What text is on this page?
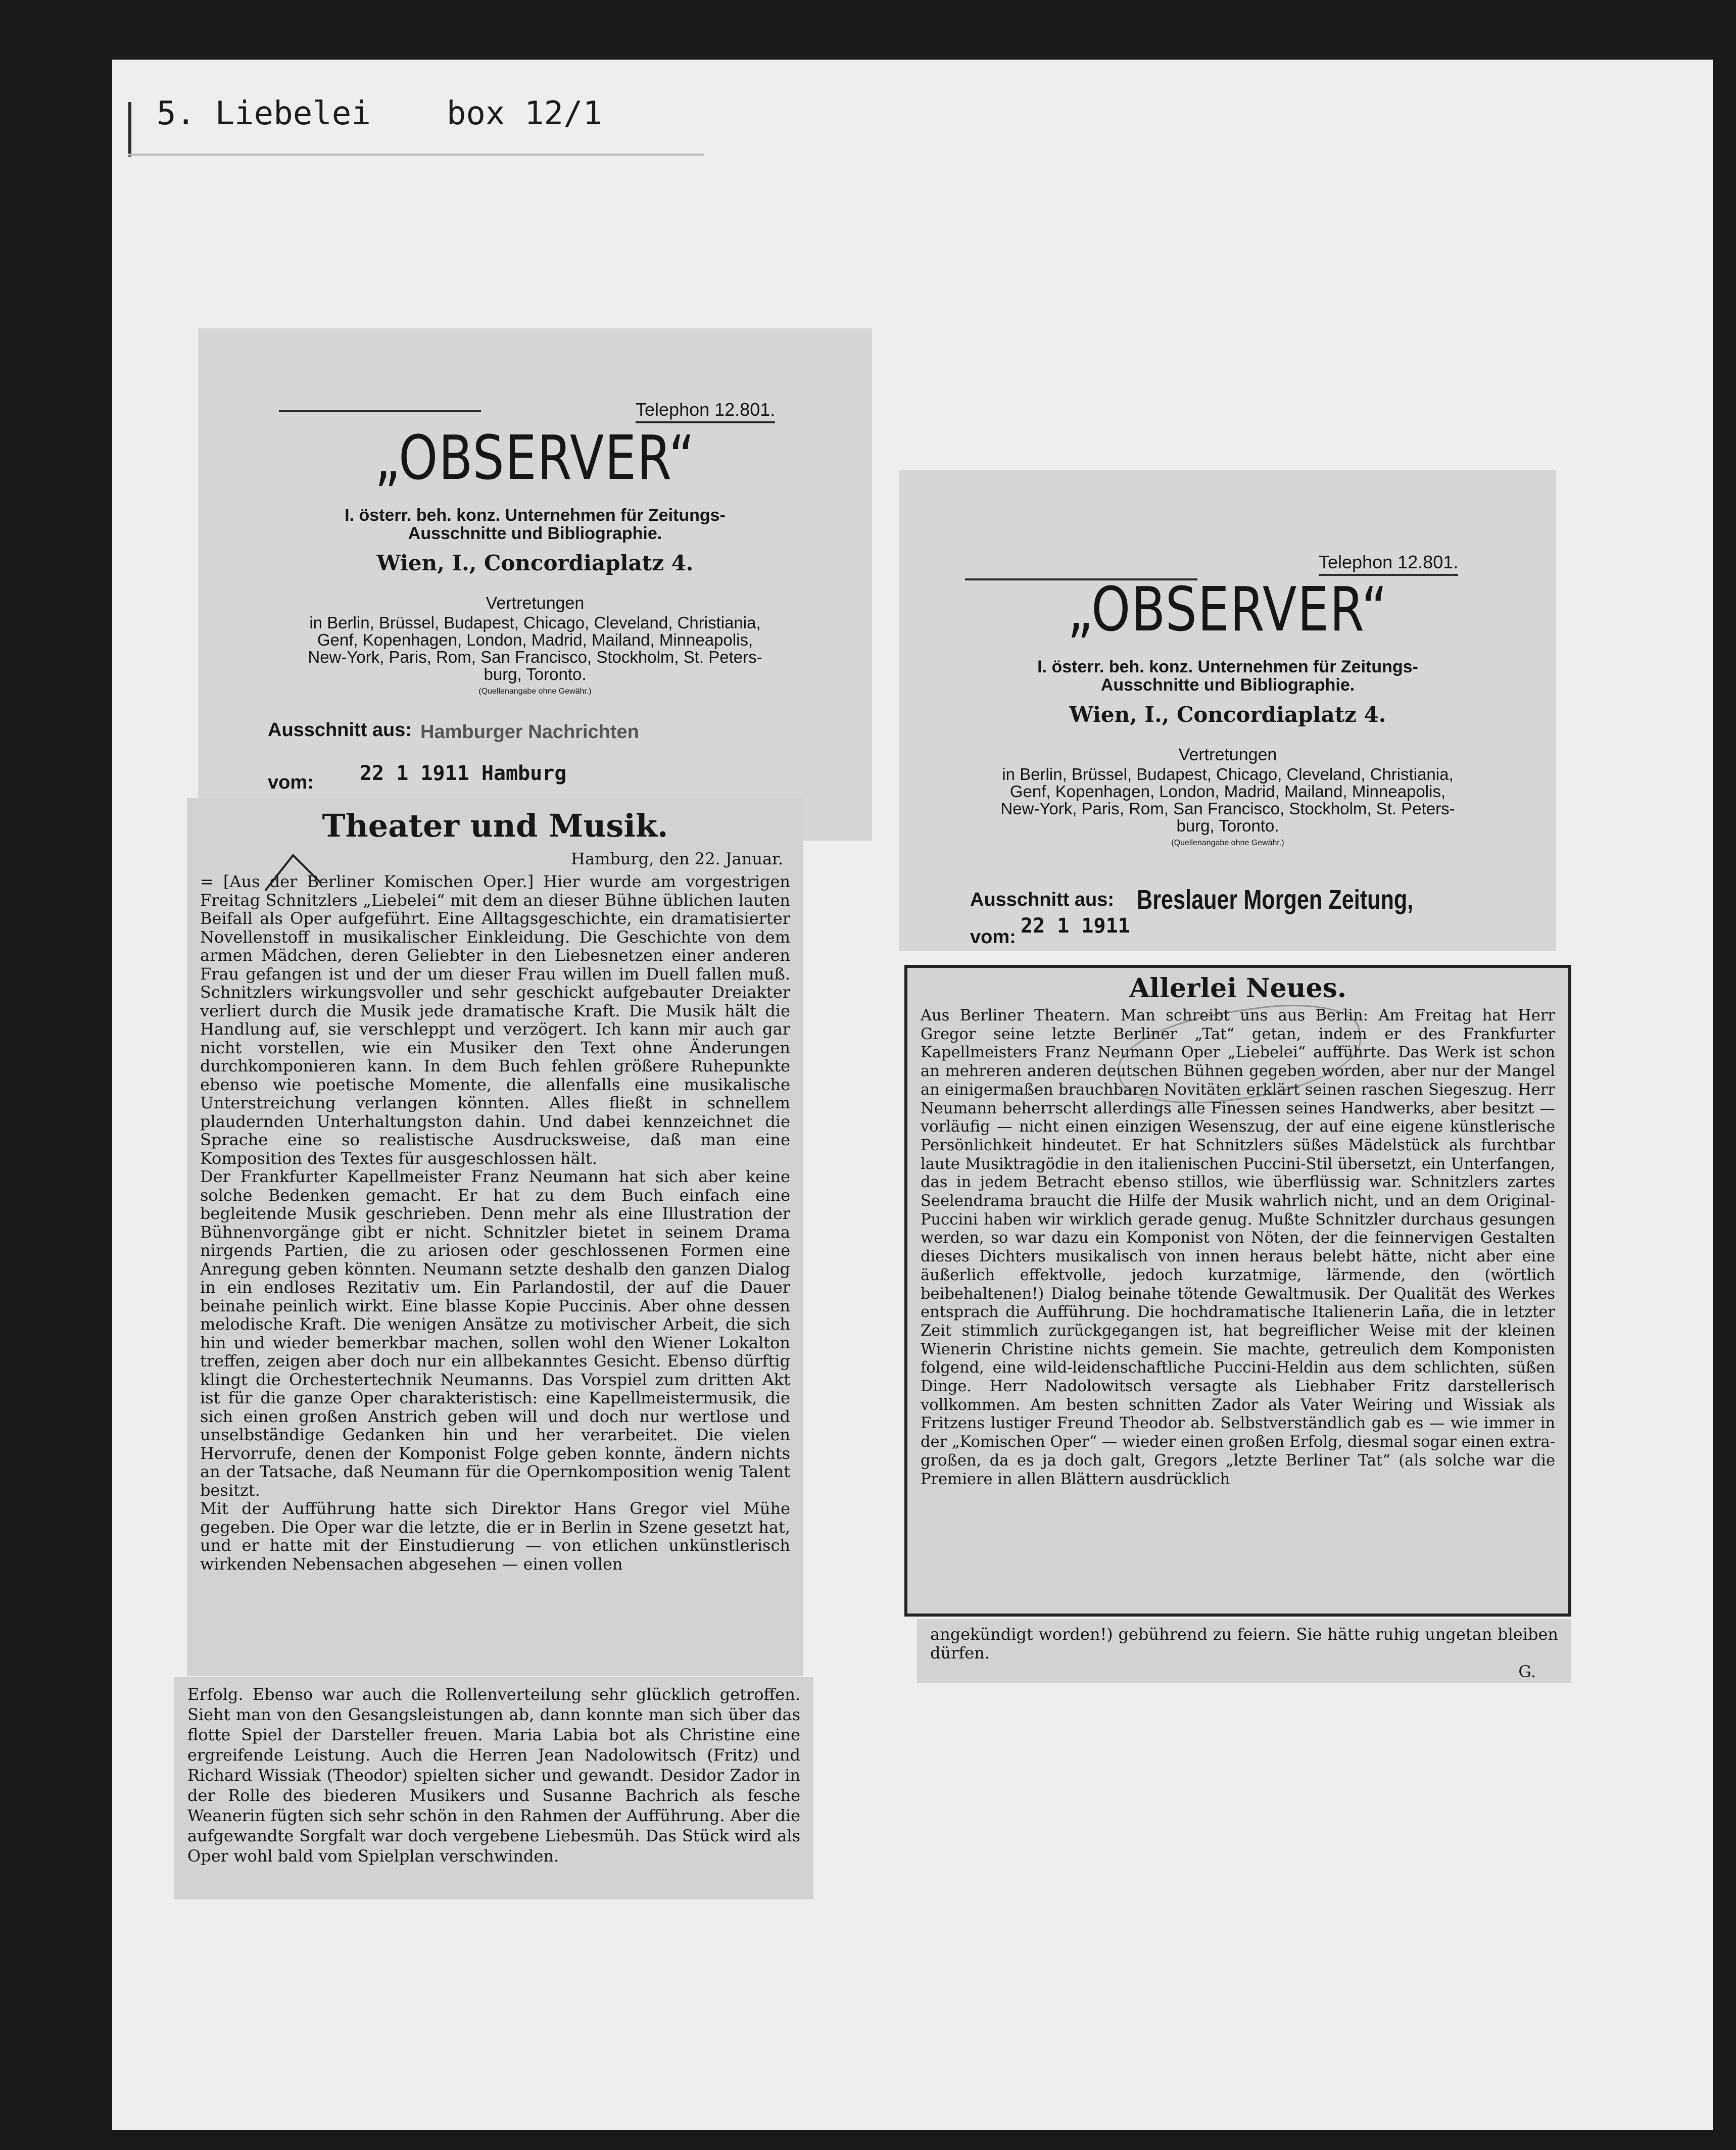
5. Liebelei box 12/1
Telephon 12.801.
„OBSERVER“
I. österr. beh. konz. Unternehmen für Zeitungs-
Ausschnitte und Bibliographie.
Wien, I., Concordiaplatz 4.
Vertretungen
in Berlin, Brüssel, Budapest, Chicago, Cleveland, Christiania,
Genf, Kopenhagen, London, Madrid, Mailand, Minneapolis,
New-York, Paris, Rom, San Francisco, Stockholm, St. Peters-
burg, Toronto.
(Quellenangabe ohne Gewähr.)
Ausschnitt aus: Hamburger Nachrichten
vom: 22 1 1911 Hamburg
Telephon 12.801.
„OBSERVER“
I. österr. beh. konz. Unternehmen für Zeitungs-
Ausschnitte und Bibliographie.
Wien, I., Concordiaplatz 4.
Vertretungen
in Berlin, Brüssel, Budapest, Chicago, Cleveland, Christiania,
Genf, Kopenhagen, London, Madrid, Mailand, Minneapolis,
New-York, Paris, Rom, San Francisco, Stockholm, St. Peters-
burg, Toronto.
(Quellenangabe ohne Gewähr.)
Ausschnitt aus: Breslauer Morgen Zeitung,
vom: 22 1 1911
Theater und Musik.
Hamburg, den 22. Januar.

= [Aus der Berliner Komischen Oper.] Hier wurde am vorgestrigen Freitag Schnitzlers „Liebelei“ mit dem an dieser Bühne üblichen lauten Beifall als Oper aufgeführt. Eine Alltagsgeschichte, ein dramatisierter Novellenstoff in musikalischer Einkleidung. Die Geschichte von dem armen Mädchen, deren Geliebter in den Liebesnetzen einer anderen Frau gefangen ist und der um dieser Frau willen im Duell fallen muß. Schnitzlers wirkungsvoller und sehr geschickt aufgebauter Dreiakter verliert durch die Musik jede dramatische Kraft. Die Musik hält die Handlung auf, sie verschleppt und verzögert. Ich kann mir auch gar nicht vorstellen, wie ein Musiker den Text ohne Änderungen durchkomponieren kann. In dem Buch fehlen größere Ruhepunkte ebenso wie poetische Momente, die allenfalls eine musikalische Unterstreichung verlangen könnten. Alles fließt in schnellem plaudernden Unterhaltungston dahin. Und dabei kennzeichnet die Sprache eine so realistische Ausdrucksweise, daß man eine Komposition des Textes für ausgeschlossen hält.
Der Frankfurter Kapellmeister Franz Neumann hat sich aber keine solche Bedenken gemacht. Er hat zu dem Buch einfach eine begleitende Musik geschrieben. Denn mehr als eine Illustration der Bühnenvorgänge gibt er nicht. Schnitzler bietet in seinem Drama nirgends Partien, die zu ariosen oder geschlossenen Formen eine Anregung geben könnten. Neumann setzte deshalb den ganzen Dialog in ein endloses Rezitativ um. Ein Parlandostil, der auf die Dauer beinahe peinlich wirkt. Eine blasse Kopie Puccinis. Aber ohne dessen melodische Kraft. Die wenigen Ansätze zu motivischer Arbeit, die sich hin und wieder bemerkbar machen, sollen wohl den Wiener Lokalton treffen, zeigen aber doch nur ein allbekanntes Gesicht. Ebenso dürftig klingt die Orchestertechnik Neumanns. Das Vorspiel zum dritten Akt ist für die ganze Oper charakteristisch: eine Kapellmeistermusik, die sich einen großen Anstrich geben will und doch nur wertlose und unselbständige Gedanken hin und her verarbeitet. Die vielen Hervorrufe, denen der Komponist Folge geben konnte, ändern nichts an der Tatsache, daß Neumann für die Opernkomposition wenig Talent besitzt.
Mit der Aufführung hatte sich Direktor Hans Gregor viel Mühe gegeben. Die Oper war die letzte, die er in Berlin in Szene gesetzt hat, und er hatte mit der Einstudierung — von etlichen unkünstlerisch wirkenden Nebensachen abgesehen — einen vollen

Erfolg. Ebenso war auch die Rollenverteilung sehr glücklich getroffen. Sieht man von den Gesangsleistungen ab, dann konnte man sich über das flotte Spiel der Darsteller freuen. Maria Labia bot als Christine eine ergreifende Leistung. Auch die Herren Jean Nadolowitsch (Fritz) und Richard Wissiak (Theodor) spielten sicher und gewandt. Desidor Zador in der Rolle des biederen Musikers und Susanne Bachrich als fesche Weanerin fügten sich sehr schön in den Rahmen der Aufführung. Aber die aufgewandte Sorgfalt war doch vergebene Liebesmüh. Das Stück wird als Oper wohl bald vom Spielplan verschwinden.

Allerlei Neues.

Aus Berliner Theatern. Man schreibt uns aus Berlin: Am Freitag hat Herr Gregor seine letzte Berliner „Tat“ getan, indem er des Frankfurter Kapellmeisters Franz Neumann Oper „Liebelei“ aufführte. Das Werk ist schon an mehreren anderen deutschen Bühnen gegeben worden, aber nur der Mangel an einigermaßen brauchbaren Novitäten erklärt seinen raschen Siegeszug. Herr Neumann beherrscht allerdings alle Finessen seines Handwerks, aber besitzt — vorläufig — nicht einen einzigen Wesenszug, der auf eine eigene künstlerische Persönlichkeit hindeutet. Er hat Schnitzlers süßes Mädelstück als furchtbar laute Musiktragödie in den italienischen Puccini-Stil übersetzt, ein Unterfangen, das in jedem Betracht ebenso stillos, wie überflüssig war. Schnitzlers zartes Seelendrama braucht die Hilfe der Musik wahrlich nicht, und an dem Original-Puccini haben wir wirklich gerade genug. Mußte Schnitzler durchaus gesungen werden, so war dazu ein Komponist von Nöten, der die feinnervigen Gestalten dieses Dichters musikalisch von innen heraus belebt hätte, nicht aber eine äußerlich effektvolle, jedoch kurzatmige, lärmende, den (wörtlich beibehaltenen!) Dialog beinahe tötende Gewaltmusik. Der Qualität des Werkes entsprach die Aufführung. Die hochdramatische Italienerin Laña, die in letzter Zeit stimmlich zurückgegangen ist, hat begreiflicher Weise mit der kleinen Wienerin Christine nichts gemein. Sie machte, getreulich dem Komponisten folgend, eine wild-leidenschaftliche Puccini-Heldin aus dem schlichten, süßen Dinge. Herr Nadolowitsch versagte als Liebhaber Fritz darstellerisch vollkommen. Am besten schnitten Zador als Vater Weiring und Wissiak als Fritzens lustiger Freund Theodor ab. Selbstverständlich gab es — wie immer in der „Komischen Oper“ — wieder einen großen Erfolg, diesmal sogar einen extra-großen, da es ja doch galt, Gregors „letzte Berliner Tat“ (als solche war die Premiere in allen Blättern ausdrücklich

angekündigt worden!) gebührend zu feiern. Sie hätte ruhig ungetan bleiben dürfen.

G.
